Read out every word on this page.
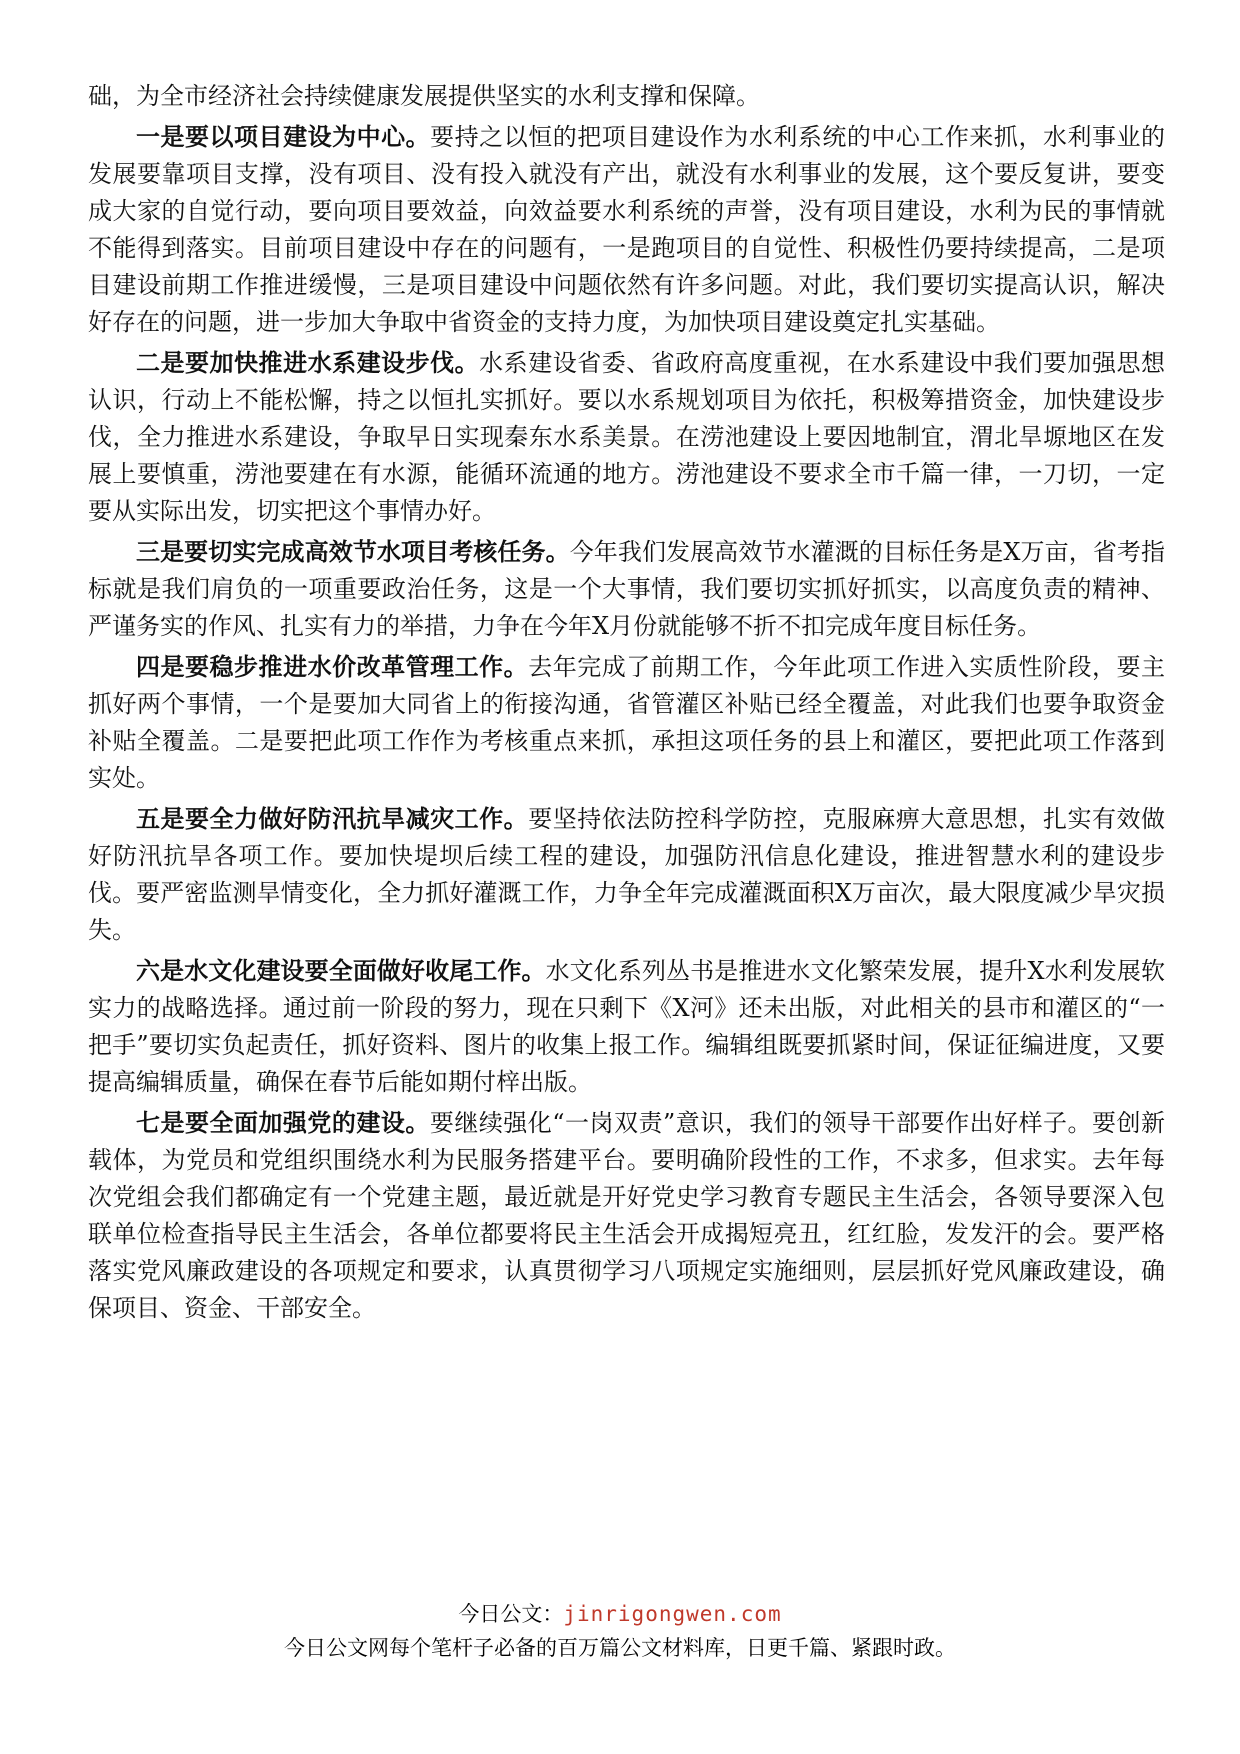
础，为全市经济社会持续健康发展提供坚实的水利支撑和保障。

一是要以项目建设为中心。要持之以恒的把项目建设作为水利系统的中心工作来抓，水利事业的发展要靠项目支撑，没有项目、没有投入就没有产出，就没有水利事业的发展，这个要反复讲，要变成大家的自觉行动，要向项目要效益，向效益要水利系统的声誉，没有项目建设，水利为民的事情就不能得到落实。目前项目建设中存在的问题有，一是跑项目的自觉性、积极性仍要持续提高，二是项目建设前期工作推进缓慢，三是项目建设中问题依然有许多问题。对此，我们要切实提高认识，解决好存在的问题，进一步加大争取中省资金的支持力度，为加快项目建设奠定扎实基础。

二是要加快推进水系建设步伐。水系建设省委、省政府高度重视，在水系建设中我们要加强思想认识，行动上不能松懈，持之以恒扎实抓好。要以水系规划项目为依托，积极筹措资金，加快建设步伐，全力推进水系建设，争取早日实现秦东水系美景。在涝池建设上要因地制宜，渭北旱塬地区在发展上要慎重，涝池要建在有水源，能循环流通的地方。涝池建设不要求全市千篇一律，一刀切，一定要从实际出发，切实把这个事情办好。

三是要切实完成高效节水项目考核任务。今年我们发展高效节水灌溉的目标任务是X万亩，省考指标就是我们肩负的一项重要政治任务，这是一个大事情，我们要切实抓好抓实，以高度负责的精神、严谨务实的作风、扎实有力的举措，力争在今年X月份就能够不折不扣完成年度目标任务。

四是要稳步推进水价改革管理工作。去年完成了前期工作，今年此项工作进入实质性阶段，要主抓好两个事情，一个是要加大同省上的衔接沟通，省管灌区补贴已经全覆盖，对此我们也要争取资金补贴全覆盖。二是要把此项工作作为考核重点来抓，承担这项任务的县上和灌区，要把此项工作落到实处。

五是要全力做好防汛抗旱减灾工作。要坚持依法防控科学防控，克服麻痹大意思想，扎实有效做好防汛抗旱各项工作。要加快堤坝后续工程的建设，加强防汛信息化建设，推进智慧水利的建设步伐。要严密监测旱情变化，全力抓好灌溉工作，力争全年完成灌溉面积X万亩次，最大限度减少旱灾损失。

六是水文化建设要全面做好收尾工作。水文化系列丛书是推进水文化繁荣发展，提升X水利发展软实力的战略选择。通过前一阶段的努力，现在只剩下《X河》还未出版，对此相关的县市和灌区的“一把手”要切实负起责任，抓好资料、图片的收集上报工作。编辑组既要抓紧时间，保证征编进度，又要提高编辑质量，确保在春节后能如期付梓出版。

七是要全面加强党的建设。要继续强化“一岗双责”意识，我们的领导干部要作出好样子。要创新载体，为党员和党组织围绕水利为民服务搭建平台。要明确阶段性的工作，不求多，但求实。去年每次党组会我们都确定有一个党建主题，最近就是开好党史学习教育专题民主生活会，各领导要深入包联单位检查指导民主生活会，各单位都要将民主生活会开成揭短亮丑，红红脸，发发汗的会。要严格落实党风廉政建设的各项规定和要求，认真贯彻学习八项规定实施细则，层层抓好党风廉政建设，确保项目、资金、干部安全。

今日公文：jinrigongwen.com
今日公文网每个笔杆子必备的百万篇公文材料库，日更千篇、紧跟时政。
